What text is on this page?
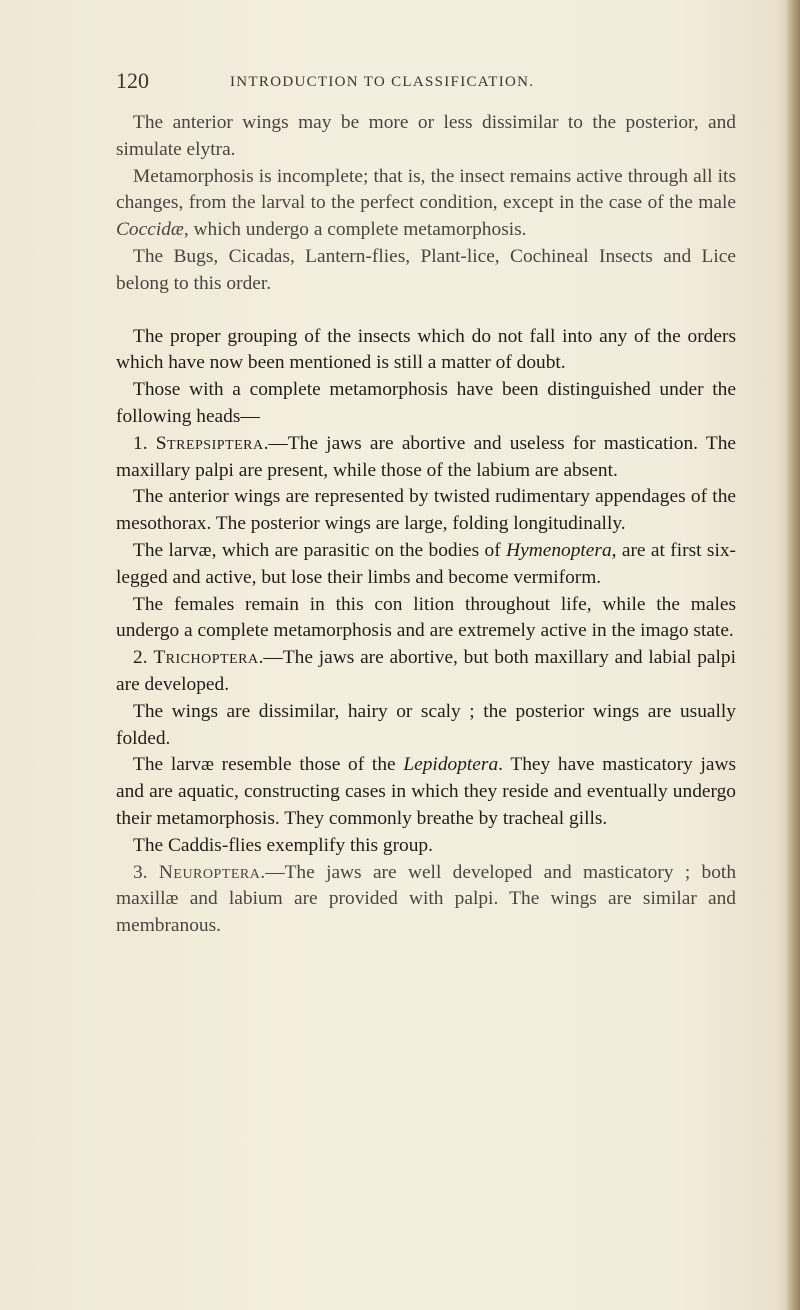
120	INTRODUCTION TO CLASSIFICATION.

The anterior wings may be more or less dissimilar to the posterior, and simulate elytra.

Metamorphosis is incomplete; that is, the insect remains active through all its changes, from the larval to the perfect condition, except in the case of the male Coccidæ, which undergo a complete metamorphosis.

The Bugs, Cicadas, Lantern-flies, Plant-lice, Cochineal Insects and Lice belong to this order.

The proper grouping of the insects which do not fall into any of the orders which have now been mentioned is still a matter of doubt.

Those with a complete metamorphosis have been distinguished under the following heads—

1. Strepsiptera.—The jaws are abortive and useless for mastication. The maxillary palpi are present, while those of the labium are absent.

The anterior wings are represented by twisted rudimentary appendages of the mesothorax. The posterior wings are large, folding longitudinally.

The larvæ, which are parasitic on the bodies of Hymenoptera, are at first six-legged and active, but lose their limbs and become vermiform.

The females remain in this con lition throughout life, while the males undergo a complete metamorphosis and are extremely active in the imago state.

2. Trichoptera.—The jaws are abortive, but both maxillary and labial palpi are developed.

The wings are dissimilar, hairy or scaly ; the posterior wings are usually folded.

The larvæ resemble those of the Lepidoptera. They have masticatory jaws and are aquatic, constructing cases in which they reside and eventually undergo their metamorphosis. They commonly breathe by tracheal gills.

The Caddis-flies exemplify this group.

3. Neuroptera.—The jaws are well developed and masticatory ; both maxillæ and labium are provided with palpi. The wings are similar and membranous.
